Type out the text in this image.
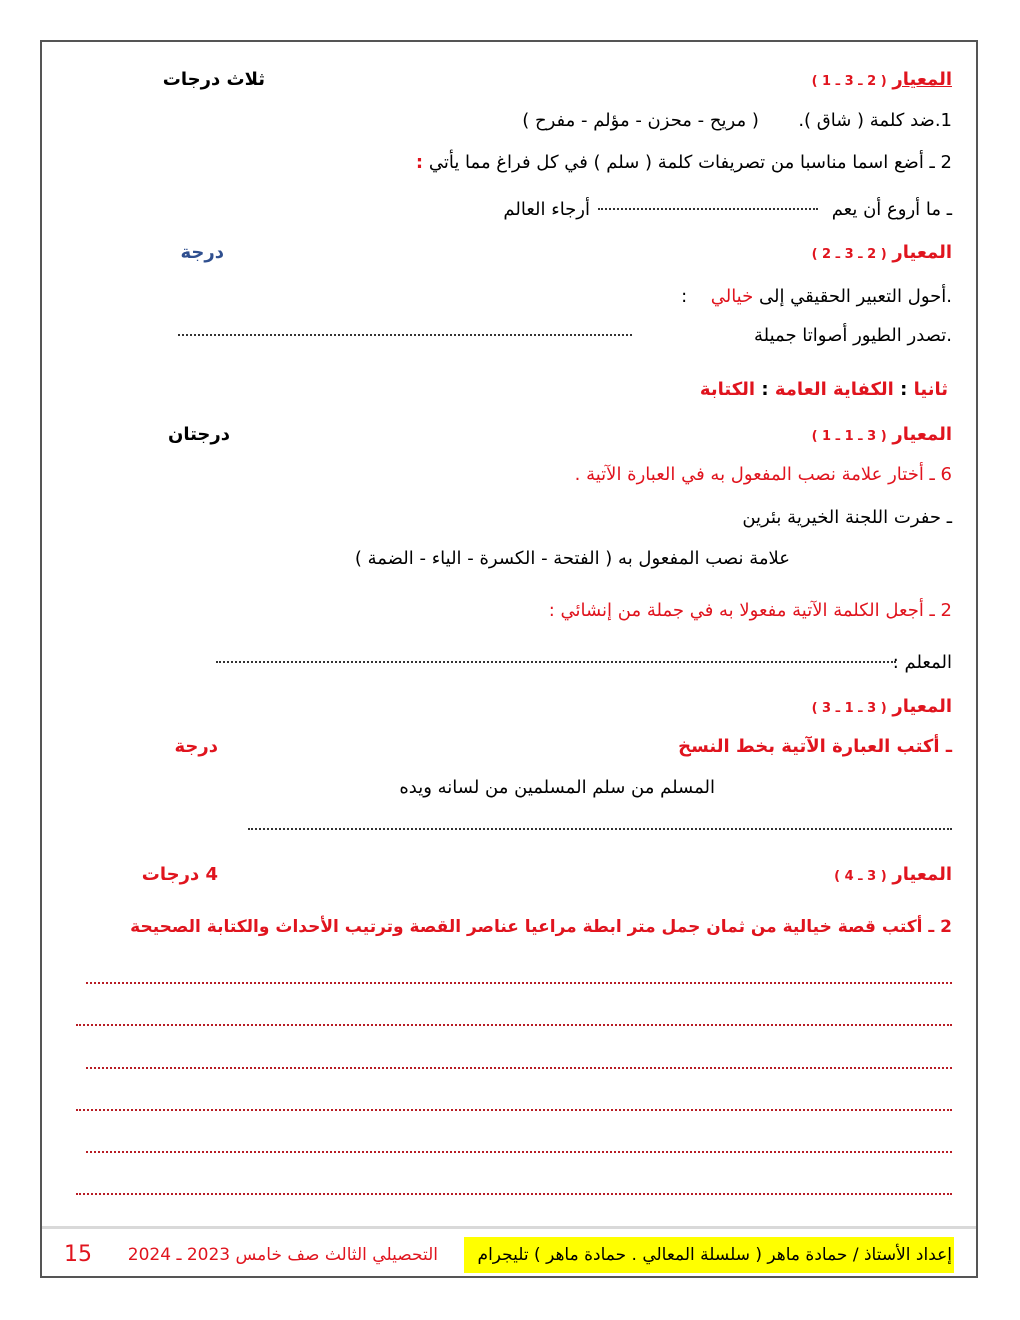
المعيار ( 2 ـ 3 ـ 1 )
ثلاث درجات
1.ضد كلمة ( شاق ).  ( مريح - محزن - مؤلم - مفرح )
2 ـ أضع اسما مناسبا من تصريفات كلمة ( سلم ) في كل فراغ مما يأتي :
ـ ما أروع أن يعم
أرجاء العالم
المعيار ( 2 ـ 3 ـ 2 )
درجة
.أحول التعبير الحقيقي إلى خيالي  :
.تصدر الطيور أصواتا جميلة
ثانيا : الكفاية العامة : الكتابة
المعيار ( 3 ـ 1 ـ 1 )
درجتان
6 ـ أختار علامة نصب المفعول به في العبارة الآتية .
ـ حفرت اللجنة الخيرية بئرين
علامة نصب المفعول به ( الفتحة - الكسرة - الياء - الضمة )
2 ـ أجعل الكلمة الآتية مفعولا به في جملة من إنشائي :
المعلم :
المعيار ( 3 ـ 1 ـ 3 )
ـ أكتب العبارة الآتية بخط النسخ
درجة
المسلم من سلم المسلمين من لسانه ويده
المعيار ( 3 ـ 4 )
4 درجات
2 ـ أكتب قصة خيالية من ثمان جمل متر ابطة مراعيا عناصر القصة وترتيب الأحداث والكتابة الصحيحة
إعداد الأستاذ / حمادة ماهر ( سلسلة المعالي . حمادة ماهر ) تليجرام
التحصيلي الثالث صف خامس 2023 ـ 2024
15
